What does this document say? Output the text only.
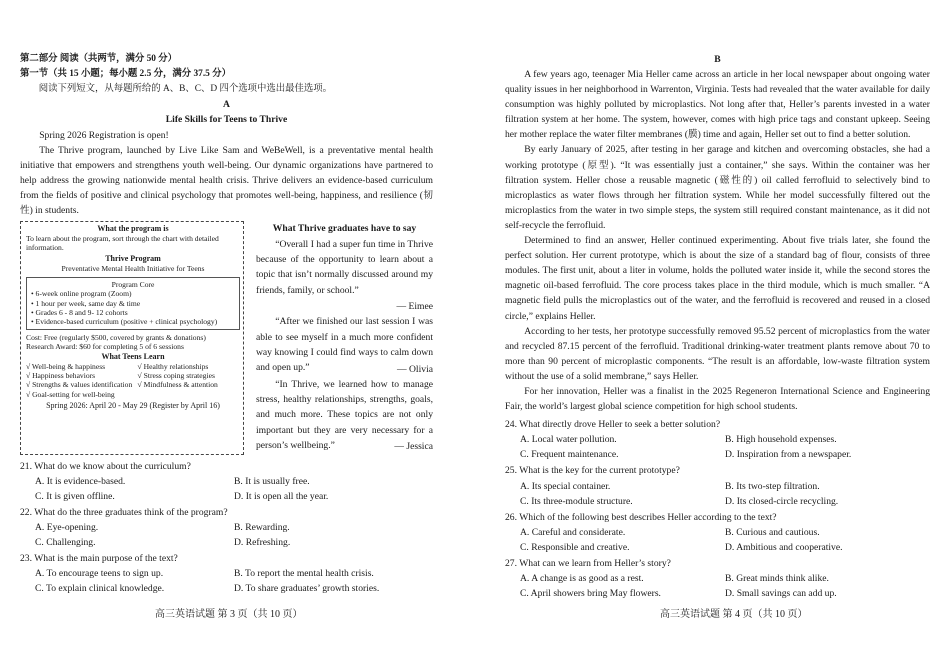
第二部分 阅读（共两节，满分 50 分）

第一节（共 15 小题；每小题 2.5 分，满分 37.5 分）

阅读下列短文，从每题所给的 A、B、C、D 四个选项中选出最佳选项。

A

Life Skills for Teens to Thrive

Spring 2026 Registration is open!

The Thrive program, launched by Live Like Sam and WeBeWell, is a preventative mental health initiative that empowers and strengthens youth well-being. Our dynamic organizations have partnered to help address the growing nationwide mental health crisis. Thrive delivers an evidence-based curriculum from the fields of positive and clinical psychology that promotes well-being, happiness, and resilience (韧性) in students.

What the program is
To learn about the program, sort through the chart with detailed information.
Thrive Program
Preventative Mental Health Initiative for Teens
Program Core
• 6-week online program (Zoom)
• 1 hour per week, same day & time
• Grades 6 - 8 and 9- 12 cohorts
• Evidence-based curriculum (positive + clinical psychology)
Cost: Free (regularly $500, covered by grants & donations)
Research Award: $60 for completing 5 of 6 sessions
What Teens Learn
√ Well-being & happiness	√ Healthy relationships
√ Happiness behaviors	√ Stress coping strategies
√ Strengths & values identification √ Mindfulness & attention
√ Goal-setting for well-being
Spring 2026: April 20 - May 29 (Register by April 16)
What Thrive graduates have to say

“Overall I had a super fun time in Thrive because of the opportunity to learn about a topic that isn’t normally discussed around my friends, family, or school.”

— Eimee

“After we finished our last session I was able to see myself in a much more confident way knowing I could find ways to calm down and open up.”	— Olivia

“In Thrive, we learned how to manage stress, healthy relationships, strengths, goals, and much more. These topics are not only important but they are very necessary for a person’s wellbeing.”	— Jessica
21. What do we know about the curriculum?
A. It is evidence-based.	B. It is usually free.
C. It is given offline.	D. It is open all the year.
22. What do the three graduates think of the program?
A. Eye-opening.	B. Rewarding.
C. Challenging.	D. Refreshing.
23. What is the main purpose of the text?
A. To encourage teens to sign up.	B. To report the mental health crisis.
C. To explain clinical knowledge.	D. To share graduates’ growth stories.
高三英语试题 第 3 页（共 10 页）

B

A few years ago, teenager Mia Heller came across an article in her local newspaper about ongoing water quality issues in her neighborhood in Warrenton, Virginia. Tests had revealed that the water available for daily consumption was highly polluted by microplastics. Not long after that, Heller’s parents invested in a water filtration system at her home. The system, however, comes with high price tags and constant upkeep. Seeing her mother replace the water filter membranes (膜) time and again, Heller set out to find a better solution.

By early January of 2025, after testing in her garage and kitchen and overcoming obstacles, she had a working prototype (原型). “It was essentially just a container,” she says. Within the container was her filtration system. Heller chose a reusable magnetic (磁性的) oil called ferrofluid to selectively bind to microplastics as water flows through her filtration system. While her model successfully filtered out the microplastics from the water in two simple steps, the system still required constant maintenance, as it did not self-recycle the ferrofluid.

Determined to find an answer, Heller continued experimenting. About five trials later, she found the perfect solution. Her current prototype, which is about the size of a standard bag of flour, consists of three modules. The first unit, about a liter in volume, holds the polluted water inside it, while the second stores the magnetic oil-based ferrofluid. The core process takes place in the third module, which is much smaller. “A magnetic field pulls the microplastics out of the water, and the ferrofluid is recovered and reused in a closed circle,” explains Heller.

According to her tests, her prototype successfully removed 95.52 percent of microplastics from the water and recycled 87.15 percent of the ferrofluid. Traditional drinking-water treatment plants remove about 70 to more than 90 percent of microplastic components. “The result is an affordable, low-waste filtration system without the use of a solid membrane,” says Heller.

For her innovation, Heller was a finalist in the 2025 Regeneron International Science and Engineering Fair, the world’s largest global science competition for high school students.

24. What directly drove Heller to seek a better solution?
A. Local water pollution.	B. High household expenses.
C. Frequent maintenance.	D. Inspiration from a newspaper.
25. What is the key for the current prototype?
A. Its special container.	B. Its two-step filtration.
C. Its three-module structure.	D. Its closed-circle recycling.
26. Which of the following best describes Heller according to the text?
A. Careful and considerate.	B. Curious and cautious.
C. Responsible and creative.	D. Ambitious and cooperative.
27. What can we learn from Heller’s story?
A. A change is as good as a rest.	B. Great minds think alike.
C. April showers bring May flowers.	D. Small savings can add up.
高三英语试题 第 4 页（共 10 页）
